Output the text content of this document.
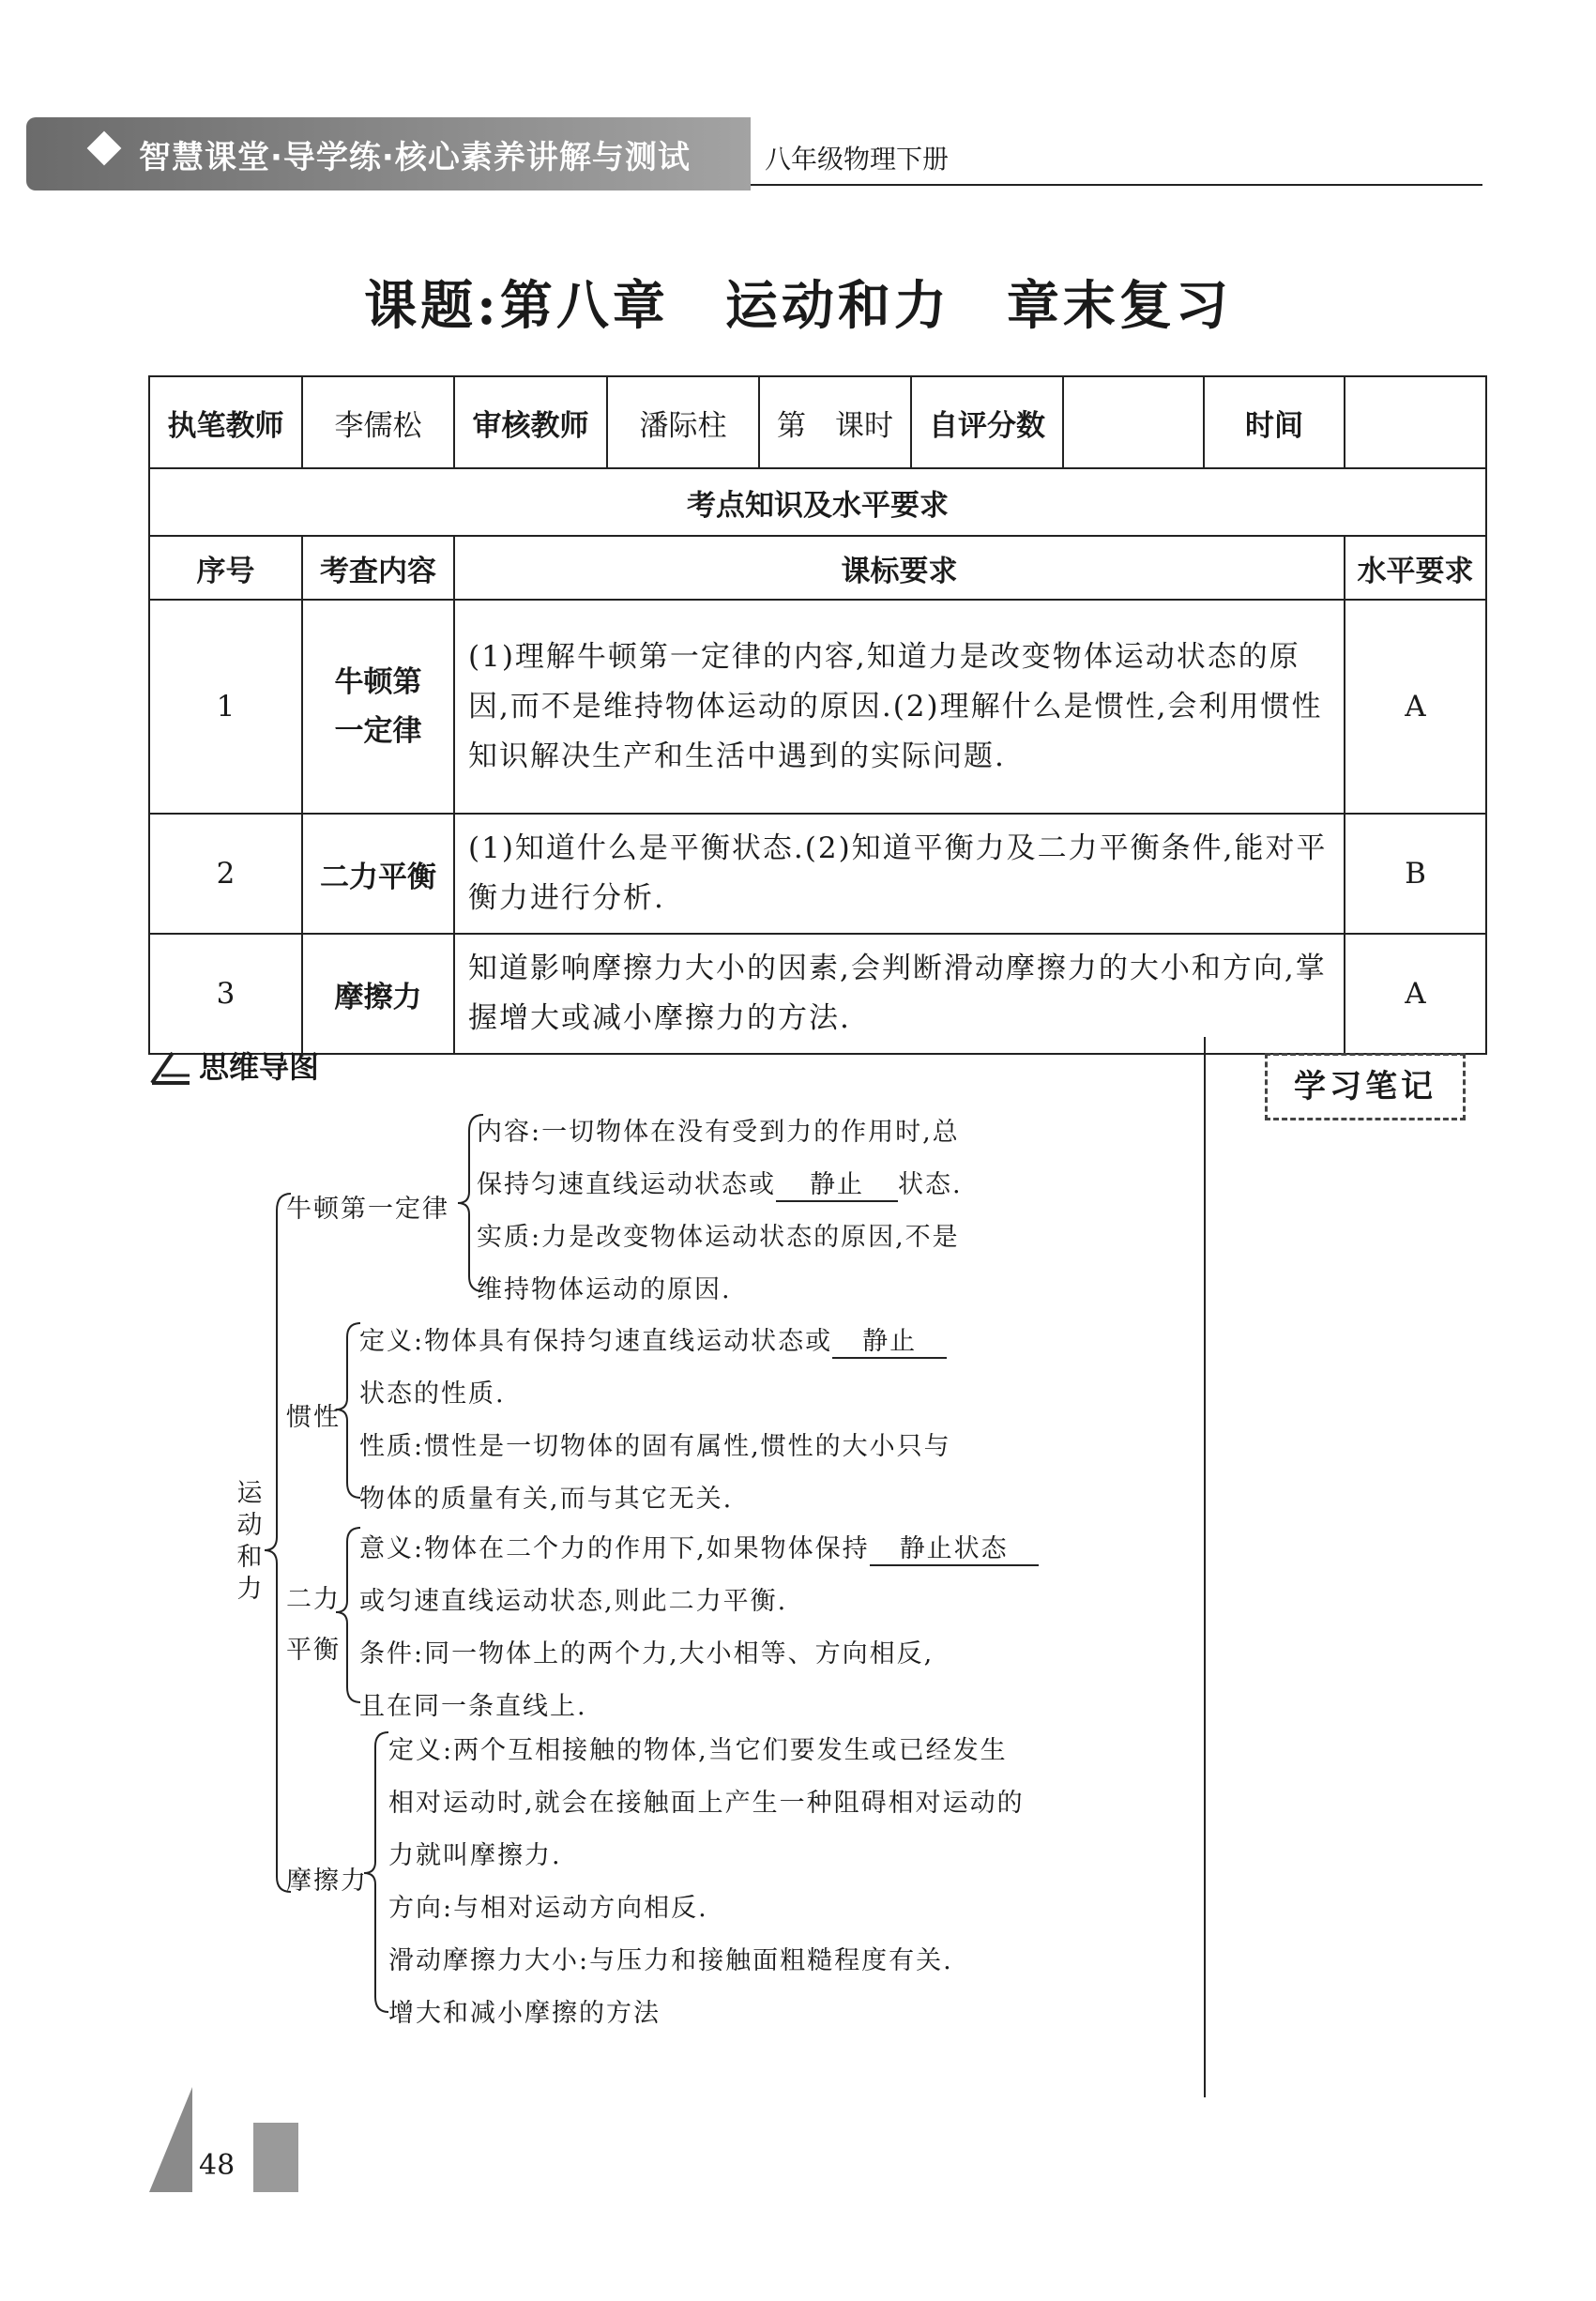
智慧课堂·导学练·核心素养讲解与测试	八年级物理下册
课题:第八章　运动和力　章末复习
执笔教师	李儒松	审核教师	潘际柱	第　课时	自评分数		时间	
考点知识及水平要求								
序号	考查内容	课标要求						水平要求
1	牛顿第一定律	(1)理解牛顿第一定律的内容,知道力是改变物体运动状态的原因,而不是维持物体运动的原因.(2)理解什么是惯性,会利用惯性知识解决生产和生活中遇到的实际问题.						A
2	二力平衡	(1)知道什么是平衡状态.(2)知道平衡力及二力平衡条件,能对平衡力进行分析.						B
3	摩擦力	知道影响摩擦力大小的因素,会判断滑动摩擦力的大小和方向,掌握增大或减小摩擦力的方法.						A
思维导图
学习笔记
运动和力
牛顿第一定律
内容:一切物体在没有受到力的作用时,总
保持匀速直线运动状态或 静止 状态.
实质:力是改变物体运动状态的原因,不是
维持物体运动的原因.
惯性
定义:物体具有保持匀速直线运动状态或 静止
状态的性质.
性质:惯性是一切物体的固有属性,惯性的大小只与
物体的质量有关,而与其它无关.
二力
平衡
意义:物体在二个力的作用下,如果物体保持 静止状态
或匀速直线运动状态,则此二力平衡.
条件:同一物体上的两个力,大小相等、方向相反,
且在同一条直线上.
摩擦力
定义:两个互相接触的物体,当它们要发生或已经发生
相对运动时,就会在接触面上产生一种阻碍相对运动的
力就叫摩擦力.
方向:与相对运动方向相反.
滑动摩擦力大小:与压力和接触面粗糙程度有关.
增大和减小摩擦的方法
48
